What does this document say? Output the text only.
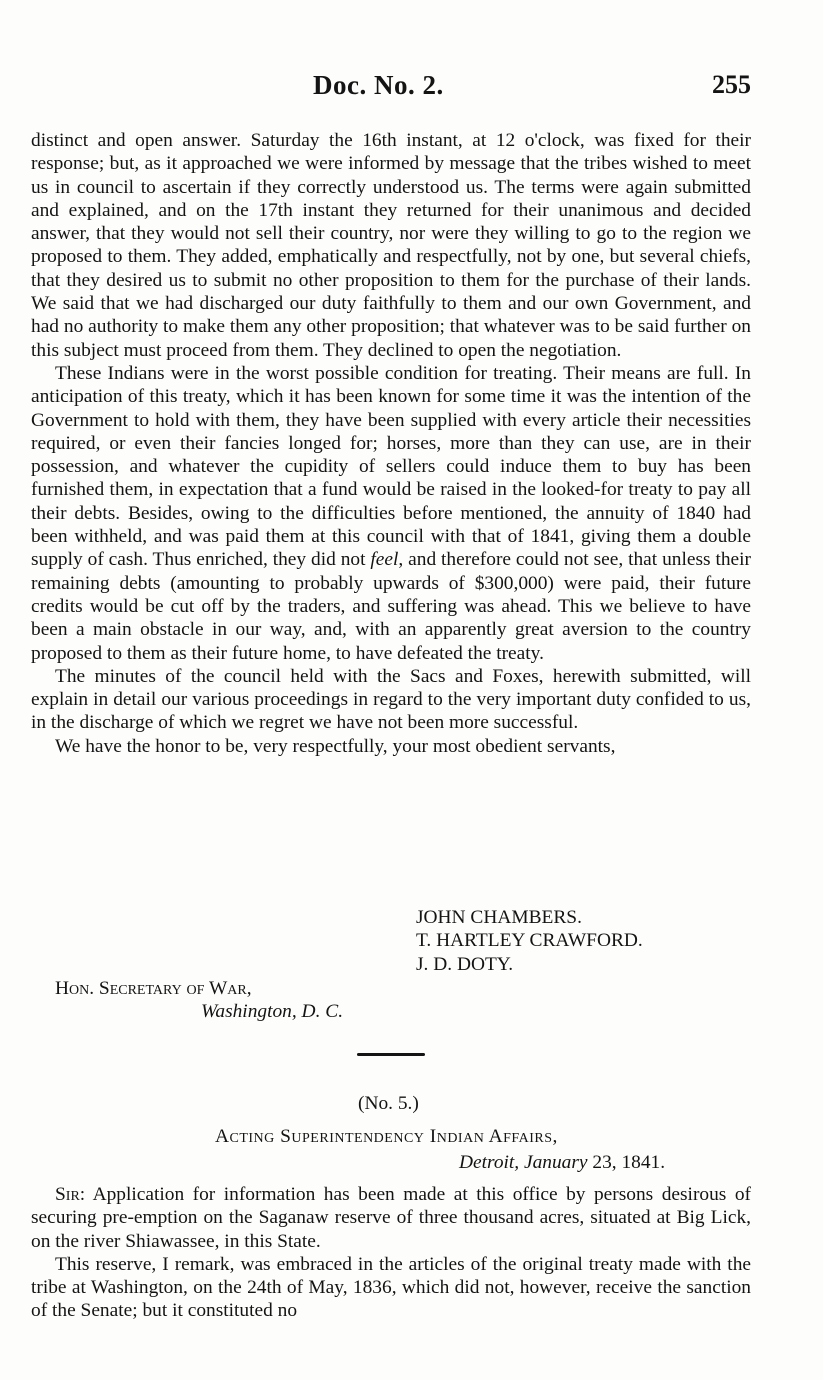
Doc. No. 2.	255

distinct and open answer. Saturday the 16th instant, at 12 o'clock, was fixed for their response; but, as it approached we were informed by message that the tribes wished to meet us in council to ascertain if they correctly understood us. The terms were again submitted and explained, and on the 17th instant they returned for their unanimous and decided answer, that they would not sell their country, nor were they willing to go to the region we proposed to them. They added, emphatically and respectfully, not by one, but several chiefs, that they desired us to submit no other proposition to them for the purchase of their lands. We said that we had discharged our duty faithfully to them and our own Government, and had no authority to make them any other proposition; that whatever was to be said further on this subject must proceed from them. They declined to open the negotiation.

These Indians were in the worst possible condition for treating. Their means are full. In anticipation of this treaty, which it has been known for some time it was the intention of the Government to hold with them, they have been supplied with every article their necessities required, or even their fancies longed for; horses, more than they can use, are in their possession, and whatever the cupidity of sellers could induce them to buy has been furnished them, in expectation that a fund would be raised in the looked-for treaty to pay all their debts. Besides, owing to the difficulties before mentioned, the annuity of 1840 had been withheld, and was paid them at this council with that of 1841, giving them a double supply of cash. Thus enriched, they did not feel, and therefore could not see, that unless their remaining debts (amounting to probably upwards of $300,000) were paid, their future credits would be cut off by the traders, and suffering was ahead. This we believe to have been a main obstacle in our way, and, with an apparently great aversion to the country proposed to them as their future home, to have defeated the treaty.

The minutes of the council held with the Sacs and Foxes, herewith submitted, will explain in detail our various proceedings in regard to the very important duty confided to us, in the discharge of which we regret we have not been more successful.

We have the honor to be, very respectfully, your most obedient servants,

JOHN CHAMBERS.
T. HARTLEY CRAWFORD.
J. D. DOTY.
Hon. Secretary of War,
Washington, D. C.
(No. 5.)
Acting Superintendency Indian Affairs,
Detroit, January 23, 1841.

Sir: Application for information has been made at this office by persons desirous of securing pre-emption on the Saganaw reserve of three thousand acres, situated at Big Lick, on the river Shiawassee, in this State.

This reserve, I remark, was embraced in the articles of the original treaty made with the tribe at Washington, on the 24th of May, 1836, which did not, however, receive the sanction of the Senate; but it constituted no
